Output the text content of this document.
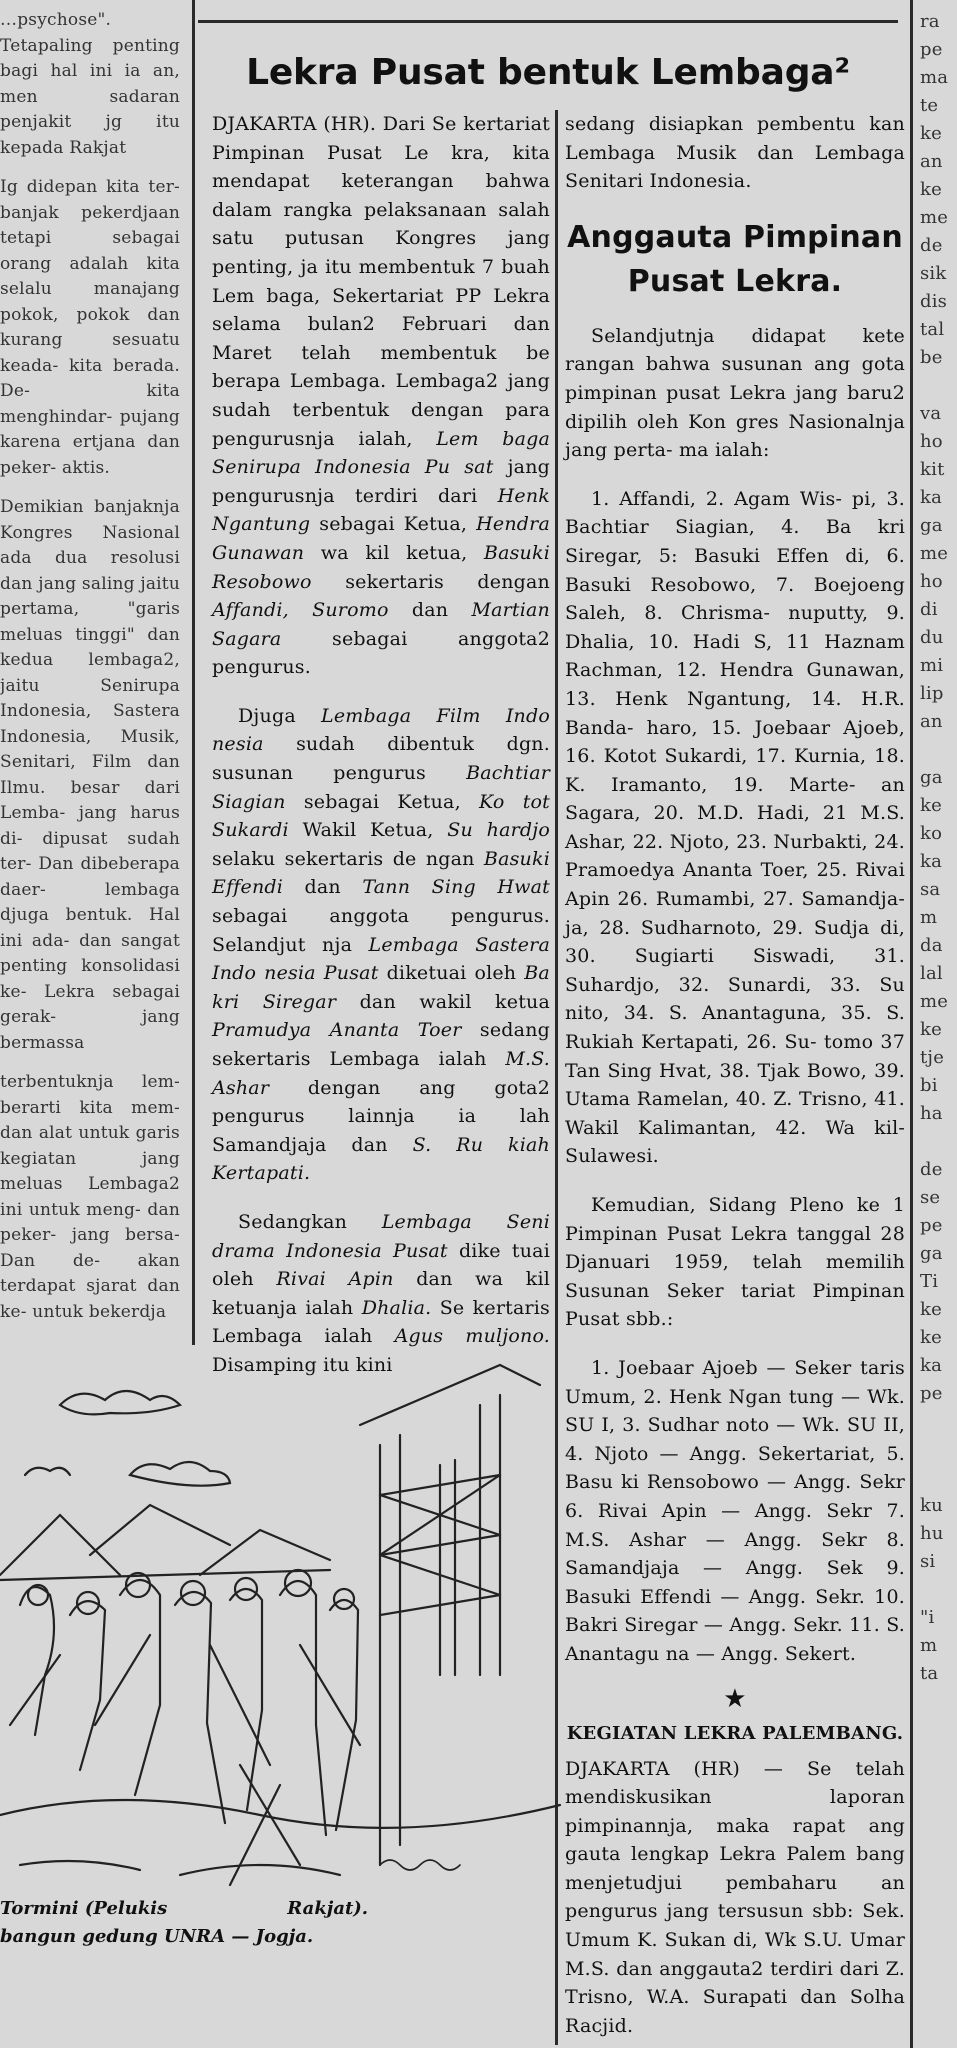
…psychose". Tetapaling penting bagi hal ini ia an, men sadaran penjakit jg itu kepada Rakjat

Ig didepan kita ter- banjak pekerdjaan tetapi sebagai orang adalah kita selalu manajang pokok, pokok dan kurang sesuatu keada- kita berada. De- kita menghindar- pujang karena ertjana dan peker- aktis.

Demikian banjaknja Kongres Nasional ada dua resolusi dan jang saling jaitu pertama, "garis meluas tinggi" dan kedua lembaga2, jaitu Senirupa Indonesia, Sastera Indonesia, Musik, Senitari, Film dan Ilmu. besar dari Lemba- jang harus di- dipusat sudah ter- Dan dibeberapa daer- lembaga djuga bentuk. Hal ini ada- dan sangat penting konsolidasi ke- Lekra sebagai gerak- jang bermassa

terbentuknja lem- berarti kita mem- dan alat untuk garis kegiatan jang meluas Lembaga2 ini untuk meng- dan peker- jang bersa- Dan de- akan terdapat sjarat dan ke- untuk bekerdja

ra

pe

ma

te

ke

an

ke

me

de

sik

dis

tal

be

va

ho

kit

ka

ga

me

ho

di

du

mi

lip

an

ga

ke

ko

ka

sa

m

da

lal

me

ke

tje

bi

ha

de

se

pe

ga

Ti

ke

ke

ka

pe

ku

hu

si

"i

m

ta

Lekra Pusat bentuk Lembaga²

DJAKARTA (HR). Dari Se kertariat Pimpinan Pusat Le kra, kita mendapat keterangan bahwa dalam rangka pelaksanaan salah satu putusan Kongres jang penting, ja itu membentuk 7 buah Lem baga, Sekertariat PP Lekra selama bulan2 Februari dan Maret telah membentuk be berapa Lembaga. Lembaga2 jang sudah terbentuk dengan para pengurusnja ialah, Lem baga Senirupa Indonesia Pu sat jang pengurusnja terdiri dari Henk Ngantung sebagai Ketua, Hendra Gunawan wa kil ketua, Basuki Resobowo sekertaris dengan Affandi, Suromo dan Martian Sagara	sebagai anggota2 pengurus.

Djuga Lembaga Film Indo nesia sudah dibentuk dgn. susunan pengurus Bachtiar Siagian sebagai Ketua, Ko tot Sukardi Wakil Ketua, Su hardjo selaku sekertaris de ngan Basuki Effendi dan Tann Sing Hwat sebagai anggota pengurus. Selandjut nja Lembaga Sastera Indo nesia Pusat diketuai oleh Ba kri Siregar dan wakil ketua Pramudya Ananta Toer sedang sekertaris Lembaga ialah M.S. Ashar dengan ang gota2 pengurus lainnja ia lah Samandjaja dan S. Ru kiah Kertapati.

Sedangkan Lembaga Seni drama Indonesia Pusat dike tuai oleh Rivai Apin dan wa kil ketuanja ialah Dhalia. Se kertaris Lembaga ialah Agus muljono. Disamping itu kini

sedang disiapkan pembentu kan Lembaga Musik dan Lembaga Senitari Indonesia.

Anggauta Pimpinan Pusat Lekra.

Selandjutnja didapat kete rangan bahwa susunan ang gota pimpinan pusat Lekra jang baru2 dipilih oleh Kon gres Nasionalnja jang perta- ma ialah:

1. Affandi, 2. Agam Wis- pi, 3. Bachtiar Siagian, 4. Ba kri Siregar, 5: Basuki Effen di, 6. Basuki Resobowo, 7. Boejoeng Saleh, 8. Chrisma- nuputty, 9. Dhalia, 10. Hadi S, 11 Haznam Rachman, 12. Hendra Gunawan, 13. Henk Ngantung, 14. H.R. Banda- haro, 15. Joebaar Ajoeb, 16. Kotot Sukardi, 17. Kurnia, 18. K. Iramanto, 19. Marte- an Sagara, 20. M.D. Hadi, 21 M.S. Ashar, 22. Njoto, 23. Nurbakti, 24. Pramoedya Ananta Toer, 25. Rivai Apin 26. Rumambi, 27. Samandja- ja, 28. Sudharnoto, 29. Sudja di, 30. Sugiarti Siswadi, 31. Suhardjo, 32. Sunardi, 33. Su nito, 34. S. Anantaguna, 35. S. Rukiah Kertapati, 26. Su- tomo 37 Tan Sing Hvat, 38. Tjak Bowo, 39. Utama Ramelan, 40. Z. Trisno, 41. Wakil Kalimantan, 42. Wa kil- Sulawesi.

Kemudian, Sidang Pleno ke 1 Pimpinan Pusat Lekra tanggal 28 Djanuari 1959, telah memilih Susunan Seker tariat Pimpinan Pusat sbb.:

1. Joebaar Ajoeb — Seker taris Umum, 2. Henk Ngan tung — Wk. SU I, 3. Sudhar noto — Wk. SU II, 4. Njoto — Angg. Sekertariat, 5. Basu ki Rensobowo — Angg. Sekr 6. Rivai Apin — Angg. Sekr 7. M.S. Ashar — Angg. Sekr 8. Samandjaja — Angg. Sek 9. Basuki Effendi — Angg. Sekr. 10. Bakri Siregar — Angg. Sekr. 11. S. Anantagu na — Angg. Sekert.

★
KEGIATAN LEKRA PALEMBANG.

DJAKARTA (HR) — Se telah mendiskusikan laporan pimpinannja, maka rapat ang gauta lengkap Lekra Palem bang menjetudjui pembaharu an pengurus jang tersusun sbb: Sek. Umum K. Sukan di, Wk S.U. Umar M.S. dan anggauta2 terdiri dari Z. Trisno, W.A. Surapati dan Solha Racjid.

Tormini (Pelukis	Rakjat).
bangun gedung UNRA — Jogja.
